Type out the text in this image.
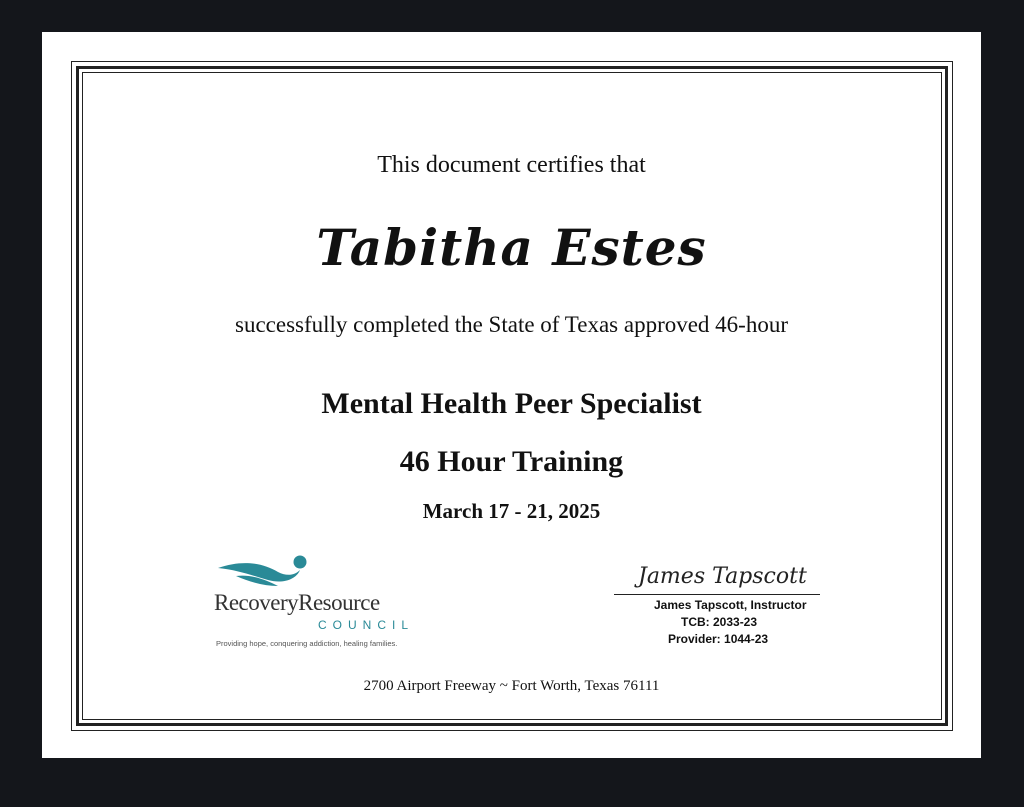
This document certifies that
Tabitha Estes
successfully completed the State of Texas approved 46-hour
Mental Health Peer Specialist
46 Hour Training
March 17 - 21, 2025
RecoveryResource
COUNCIL
Providing hope, conquering addiction, healing families.
James Tapscott
James Tapscott, Instructor
TCB: 2033-23
Provider: 1044-23
2700 Airport Freeway ~ Fort Worth, Texas 76111
